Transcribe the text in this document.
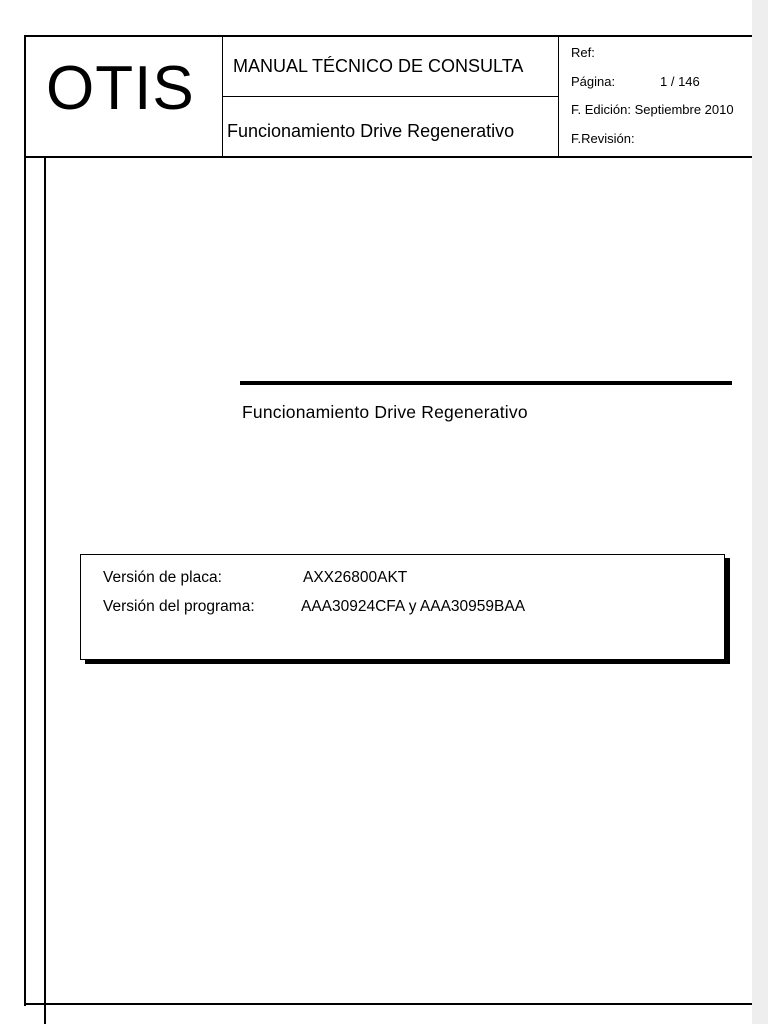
OTIS MANUAL TÉCNICO DE CONSULTA
Funcionamiento Drive Regenerativo
Ref:
Página:	1 / 146
F. Edición: Septiembre 2010
F.Revisión:
Funcionamiento Drive Regenerativo
Versión de placa:	AXX26800AKT
Versión del programa:	AAA30924CFA y AAA30959BAA
